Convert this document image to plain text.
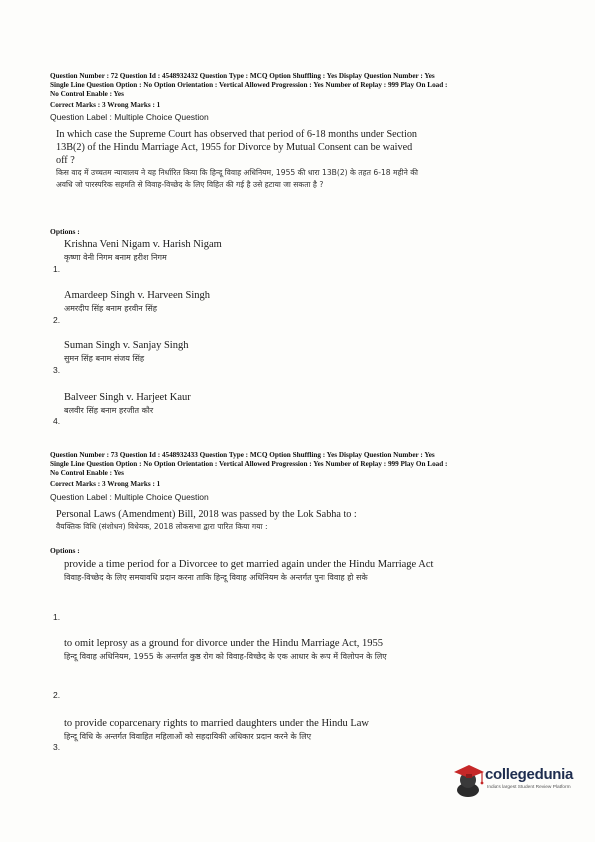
Question Number : 72 Question Id : 4548932432 Question Type : MCQ Option Shuffling : Yes Display Question Number : Yes
Single Line Question Option : No Option Orientation : Vertical Allowed Progression : Yes Number of Replay : 999 Play On Load :
No Control Enable : Yes
Correct Marks : 3 Wrong Marks : 1
Question Label : Multiple Choice Question
In which case the Supreme Court has observed that period of 6-18 months under Section 13B(2) of the Hindu Marriage Act, 1955 for Divorce by Mutual Consent can be waived off ?
किस वाद में उच्चतम न्यायालय ने यह निर्धारित किया कि हिन्दू विवाह अधिनियम, 1955 की धारा 13B(2) के तहत 6-18 महीने की अवधि जो पारस्परिक सहमति से विवाह-विच्छेद के लिए विहित की गई है उसे हटाया जा सकता है ?
Options :
Krishna Veni Nigam v. Harish Nigam
कृष्णा वेनी निगम बनाम हरीश निगम
1.
Amardeep Singh v. Harveen Singh
अमरदीप सिंह बनाम हरवीन सिंह
2.
Suman Singh v. Sanjay Singh
सुमन सिंह बनाम संजय सिंह
3.
Balveer Singh v. Harjeet Kaur
बलवीर सिंह बनाम हरजीत कौर
4.
Question Number : 73 Question Id : 4548932433 Question Type : MCQ Option Shuffling : Yes Display Question Number : Yes
Single Line Question Option : No Option Orientation : Vertical Allowed Progression : Yes Number of Replay : 999 Play On Load :
No Control Enable : Yes
Correct Marks : 3 Wrong Marks : 1
Question Label : Multiple Choice Question
Personal Laws (Amendment) Bill, 2018 was passed by the Lok Sabha to :
वैयक्तिक विधि (संशोधन) विधेयक, 2018 लोकसभा द्वारा पारित किया गया :
Options :
provide a time period for a Divorcee to get married again under the Hindu Marriage Act
विवाह-विच्छेद के लिए समयावधि प्रदान करना ताकि हिन्दू विवाह अधिनियम के अन्तर्गत पुनः विवाह हो सके
1.
to omit leprosy as a ground for divorce under the Hindu Marriage Act, 1955
हिन्दू विवाह अधिनियम, 1955 के अन्तर्गत कुष्ठ रोग को विवाह-विच्छेद के एक आधार के रूप में विलोपन के लिए
2.
to provide coparcenary rights to married daughters under the Hindu Law
हिन्दू विधि के अन्तर्गत विवाहित महिलाओं को सहदायिकी अधिकार प्रदान करने के लिए
3.
collegedunia
India's largest Student Review Platform
